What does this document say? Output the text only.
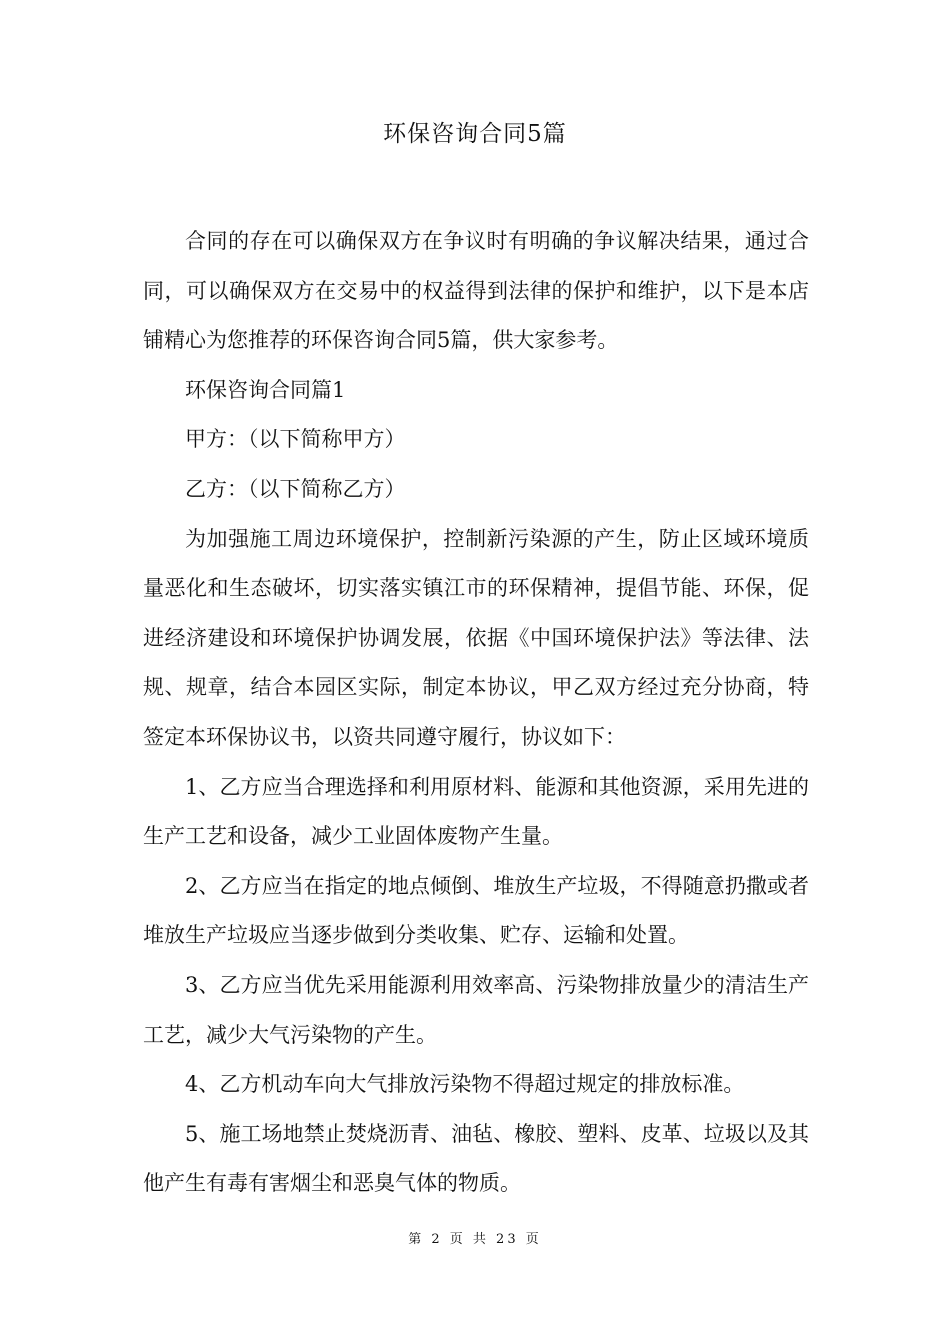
环保咨询合同5篇

合同的存在可以确保双方在争议时有明确的争议解决结果，通过合同，可以确保双方在交易中的权益得到法律的保护和维护，以下是本店铺精心为您推荐的环保咨询合同5篇，供大家参考。

环保咨询合同篇1

甲方：（以下简称甲方）

乙方：（以下简称乙方）

为加强施工周边环境保护，控制新污染源的产生，防止区域环境质量恶化和生态破坏，切实落实镇江市的环保精神，提倡节能、环保，促进经济建设和环境保护协调发展，依据《中国环境保护法》等法律、法规、规章，结合本园区实际，制定本协议，甲乙双方经过充分协商，特签定本环保协议书，以资共同遵守履行，协议如下：

1、乙方应当合理选择和利用原材料、能源和其他资源，采用先进的生产工艺和设备，减少工业固体废物产生量。

2、乙方应当在指定的地点倾倒、堆放生产垃圾，不得随意扔撒或者堆放生产垃圾应当逐步做到分类收集、贮存、运输和处置。

3、乙方应当优先采用能源利用效率高、污染物排放量少的清洁生产工艺，减少大气污染物的产生。

4、乙方机动车向大气排放污染物不得超过规定的排放标准。

5、施工场地禁止焚烧沥青、油毡、橡胶、塑料、皮革、垃圾以及其他产生有毒有害烟尘和恶臭气体的物质。

第 2 页 共 23 页
